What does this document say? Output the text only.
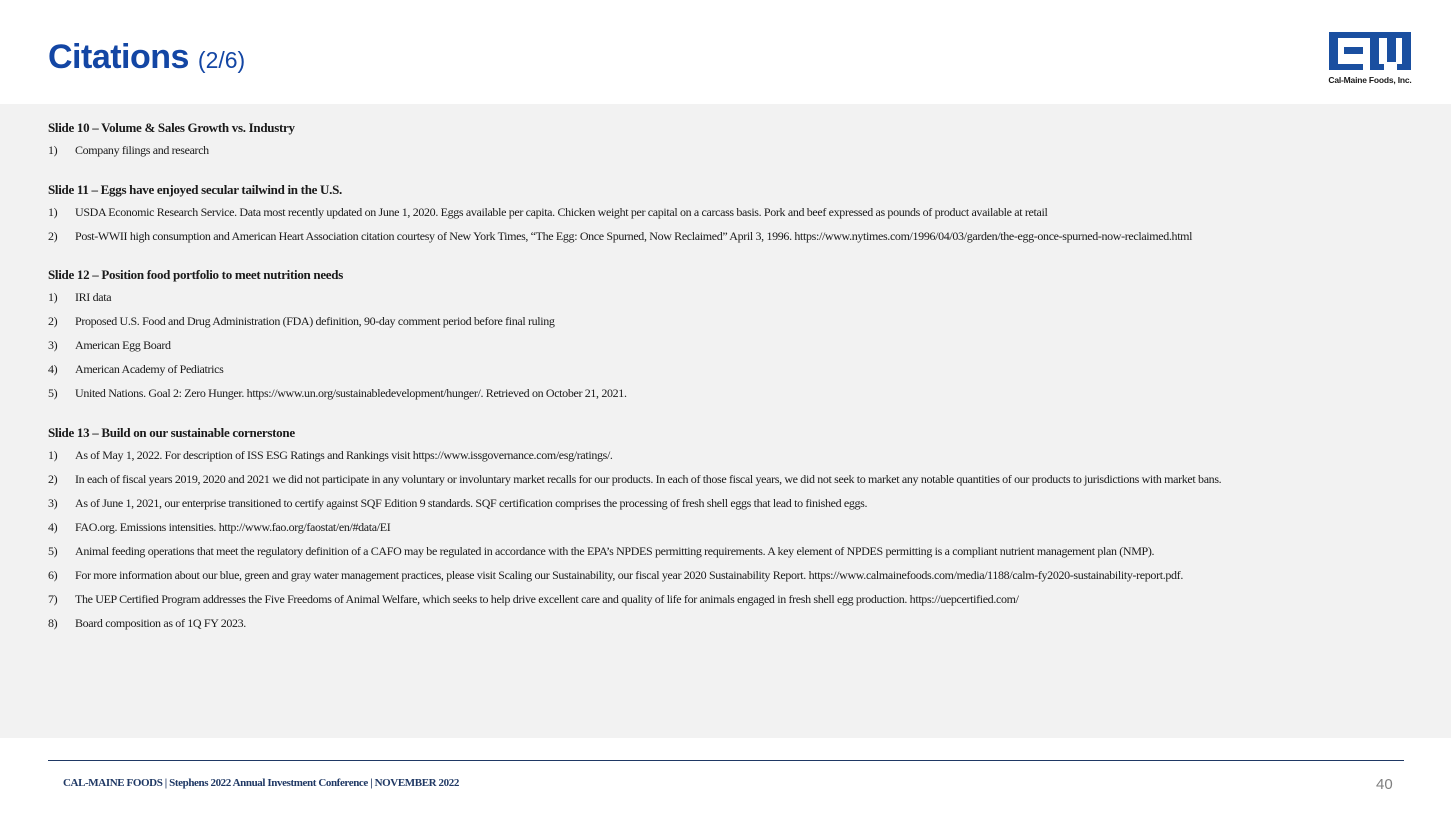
Citations (2/6)
Cal-Maine Foods, Inc.
Slide 10 – Volume & Sales Growth vs. Industry
1)	Company filings and research
Slide 11 – Eggs have enjoyed secular tailwind in the U.S.
1)	USDA Economic Research Service. Data most recently updated on June 1, 2020. Eggs available per capita. Chicken weight per capital on a carcass basis. Pork and beef expressed as pounds of product available at retail
2)	Post-WWII high consumption and American Heart Association citation courtesy of New York Times, “The Egg: Once Spurned, Now Reclaimed” April 3, 1996. https://www.nytimes.com/1996/04/03/garden/the-egg-once-spurned-now-reclaimed.html
Slide 12 – Position food portfolio to meet nutrition needs
1)	IRI data
2)	Proposed U.S. Food and Drug Administration (FDA) definition, 90-day comment period before final ruling
3)	American Egg Board
4)	American Academy of Pediatrics
5)	United Nations. Goal 2: Zero Hunger. https://www.un.org/sustainabledevelopment/hunger/. Retrieved on October 21, 2021.
Slide 13 – Build on our sustainable cornerstone
1)	As of May 1, 2022. For description of ISS ESG Ratings and Rankings visit https://www.issgovernance.com/esg/ratings/.
2)	In each of fiscal years 2019, 2020 and 2021 we did not participate in any voluntary or involuntary market recalls for our products. In each of those fiscal years, we did not seek to market any notable quantities of our products to jurisdictions with market bans.
3)	As of June 1, 2021, our enterprise transitioned to certify against SQF Edition 9 standards. SQF certification comprises the processing of fresh shell eggs that lead to finished eggs.
4)	FAO.org. Emissions intensities. http://www.fao.org/faostat/en/#data/EI
5)	Animal feeding operations that meet the regulatory definition of a CAFO may be regulated in accordance with the EPA’s NPDES permitting requirements. A key element of NPDES permitting is a compliant nutrient management plan (NMP).
6)	For more information about our blue, green and gray water management practices, please visit Scaling our Sustainability, our fiscal year 2020 Sustainability Report. https://www.calmainefoods.com/media/1188/calm-fy2020-sustainability-report.pdf.
7)	The UEP Certified Program addresses the Five Freedoms of Animal Welfare, which seeks to help drive excellent care and quality of life for animals engaged in fresh shell egg production. https://uepcertified.com/
8)	Board composition as of 1Q FY 2023.
CAL-MAINE FOODS | Stephens 2022 Annual Investment Conference | NOVEMBER 2022	40
